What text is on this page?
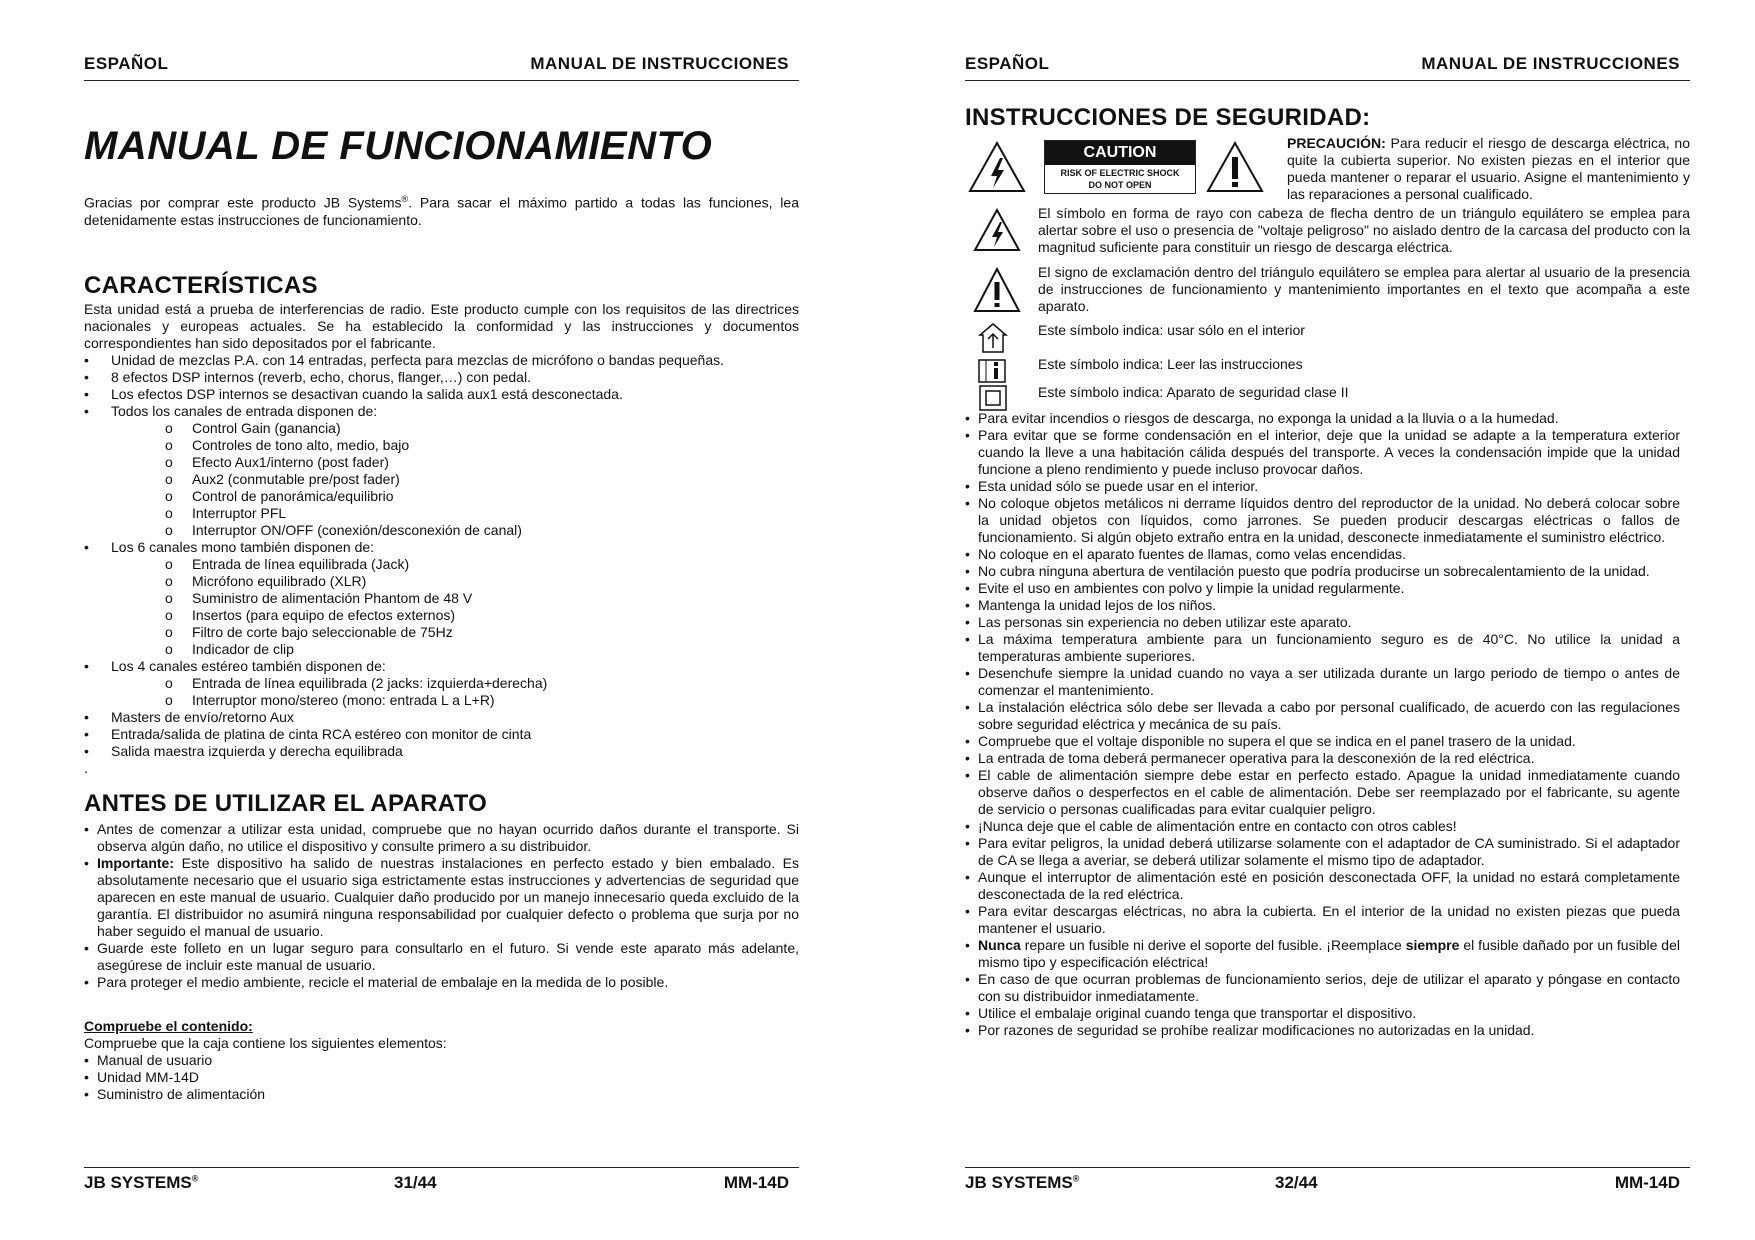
ESPAÑOL	MANUAL DE INSTRUCCIONES
MANUAL DE FUNCIONAMIENTO

Gracias por comprar este producto JB Systems®. Para sacar el máximo partido a todas las funciones, lea detenidamente estas instrucciones de funcionamiento.

CARACTERÍSTICAS

Esta unidad está a prueba de interferencias de radio. Este producto cumple con los requisitos de las directrices nacionales y europeas actuales. Se ha establecido la conformidad y las instrucciones y documentos correspondientes han sido depositados por el fabricante.

• Unidad de mezclas P.A. con 14 entradas, perfecta para mezclas de micrófono o bandas pequeñas.
• 8 efectos DSP internos (reverb, echo, chorus, flanger,…) con pedal.
• Los efectos DSP internos se desactivan cuando la salida aux1 está desconectada.
• Todos los canales de entrada disponen de:
o Control Gain (ganancia)
o Controles de tono alto, medio, bajo
o Efecto Aux1/interno (post fader)
o Aux2 (conmutable pre/post fader)
o Control de panorámica/equilibrio
o Interruptor PFL
o Interruptor ON/OFF (conexión/desconexión de canal)
• Los 6 canales mono también disponen de:
o Entrada de línea equilibrada (Jack)
o Micrófono equilibrado (XLR)
o Suministro de alimentación Phantom de 48 V
o Insertos (para equipo de efectos externos)
o Filtro de corte bajo seleccionable de 75Hz
o Indicador de clip
• Los 4 canales estéreo también disponen de:
o Entrada de línea equilibrada (2 jacks: izquierda+derecha)
o Interruptor mono/stereo (mono: entrada L a L+R)
• Masters de envío/retorno Aux
• Entrada/salida de platina de cinta RCA estéreo con monitor de cinta
• Salida maestra izquierda y derecha equilibrada
.
ANTES DE UTILIZAR EL APARATO
• Antes de comenzar a utilizar esta unidad, compruebe que no hayan ocurrido daños durante el transporte. Si observa algún daño, no utilice el dispositivo y consulte primero a su distribuidor.
• Importante: Este dispositivo ha salido de nuestras instalaciones en perfecto estado y bien embalado. Es absolutamente necesario que el usuario siga estrictamente estas instrucciones y advertencias de seguridad que aparecen en este manual de usuario. Cualquier daño producido por un manejo innecesario queda excluido de la garantía. El distribuidor no asumirá ninguna responsabilidad por cualquier defecto o problema que surja por no haber seguido el manual de usuario.
• Guarde este folleto en un lugar seguro para consultarlo en el futuro. Si vende este aparato más adelante, asegúrese de incluir este manual de usuario.
• Para proteger el medio ambiente, recicle el material de embalaje en la medida de lo posible.
Compruebe el contenido:

Compruebe que la caja contiene los siguientes elementos:

• Manual de usuario
• Unidad MM-14D
• Suministro de alimentación
JB SYSTEMS®	31/44	MM-14D
ESPAÑOL	MANUAL DE INSTRUCCIONES
INSTRUCCIONES DE SEGURIDAD:
CAUTION
RISK OF ELECTRIC SHOCK
DO NOT OPEN

PRECAUCIÓN: Para reducir el riesgo de descarga eléctrica, no quite la cubierta superior. No existen piezas en el interior que pueda mantener o reparar el usuario. Asigne el mantenimiento y las reparaciones a personal cualificado.

El símbolo en forma de rayo con cabeza de flecha dentro de un triángulo equilátero se emplea para alertar sobre el uso o presencia de "voltaje peligroso" no aislado dentro de la carcasa del producto con la magnitud suficiente para constituir un riesgo de descarga eléctrica.

El signo de exclamación dentro del triángulo equilátero se emplea para alertar al usuario de la presencia de instrucciones de funcionamiento y mantenimiento importantes en el texto que acompaña a este aparato.

Este símbolo indica: usar sólo en el interior

Este símbolo indica: Leer las instrucciones

Este símbolo indica: Aparato de seguridad clase II

• Para evitar incendios o riesgos de descarga, no exponga la unidad a la lluvia o a la humedad.
• Para evitar que se forme condensación en el interior, deje que la unidad se adapte a la temperatura exterior cuando la lleve a una habitación cálida después del transporte. A veces la condensación impide que la unidad funcione a pleno rendimiento y puede incluso provocar daños.
• Esta unidad sólo se puede usar en el interior.
• No coloque objetos metálicos ni derrame líquidos dentro del reproductor de la unidad. No deberá colocar sobre la unidad objetos con líquidos, como jarrones. Se pueden producir descargas eléctricas o fallos de funcionamiento. Si algún objeto extraño entra en la unidad, desconecte inmediatamente el suministro eléctrico.
• No coloque en el aparato fuentes de llamas, como velas encendidas.
• No cubra ninguna abertura de ventilación puesto que podría producirse un sobrecalentamiento de la unidad.
• Evite el uso en ambientes con polvo y limpie la unidad regularmente.
• Mantenga la unidad lejos de los niños.
• Las personas sin experiencia no deben utilizar este aparato.
• La máxima temperatura ambiente para un funcionamiento seguro es de 40°C. No utilice la unidad a temperaturas ambiente superiores.
• Desenchufe siempre la unidad cuando no vaya a ser utilizada durante un largo periodo de tiempo o antes de comenzar el mantenimiento.
• La instalación eléctrica sólo debe ser llevada a cabo por personal cualificado, de acuerdo con las regulaciones sobre seguridad eléctrica y mecánica de su país.
• Compruebe que el voltaje disponible no supera el que se indica en el panel trasero de la unidad.
• La entrada de toma deberá permanecer operativa para la desconexión de la red eléctrica.
• El cable de alimentación siempre debe estar en perfecto estado. Apague la unidad inmediatamente cuando observe daños o desperfectos en el cable de alimentación. Debe ser reemplazado por el fabricante, su agente de servicio o personas cualificadas para evitar cualquier peligro.
• ¡Nunca deje que el cable de alimentación entre en contacto con otros cables!
• Para evitar peligros, la unidad deberá utilizarse solamente con el adaptador de CA suministrado. Si el adaptador de CA se llega a averiar, se deberá utilizar solamente el mismo tipo de adaptador.
• Aunque el interruptor de alimentación esté en posición desconectada OFF, la unidad no estará completamente desconectada de la red eléctrica.
• Para evitar descargas eléctricas, no abra la cubierta. En el interior de la unidad no existen piezas que pueda mantener el usuario.
• Nunca repare un fusible ni derive el soporte del fusible. ¡Reemplace siempre el fusible dañado por un fusible del mismo tipo y especificación eléctrica!
• En caso de que ocurran problemas de funcionamiento serios, deje de utilizar el aparato y póngase en contacto con su distribuidor inmediatamente.
• Utilice el embalaje original cuando tenga que transportar el dispositivo.
• Por razones de seguridad se prohíbe realizar modificaciones no autorizadas en la unidad.
JB SYSTEMS®	32/44	MM-14D
